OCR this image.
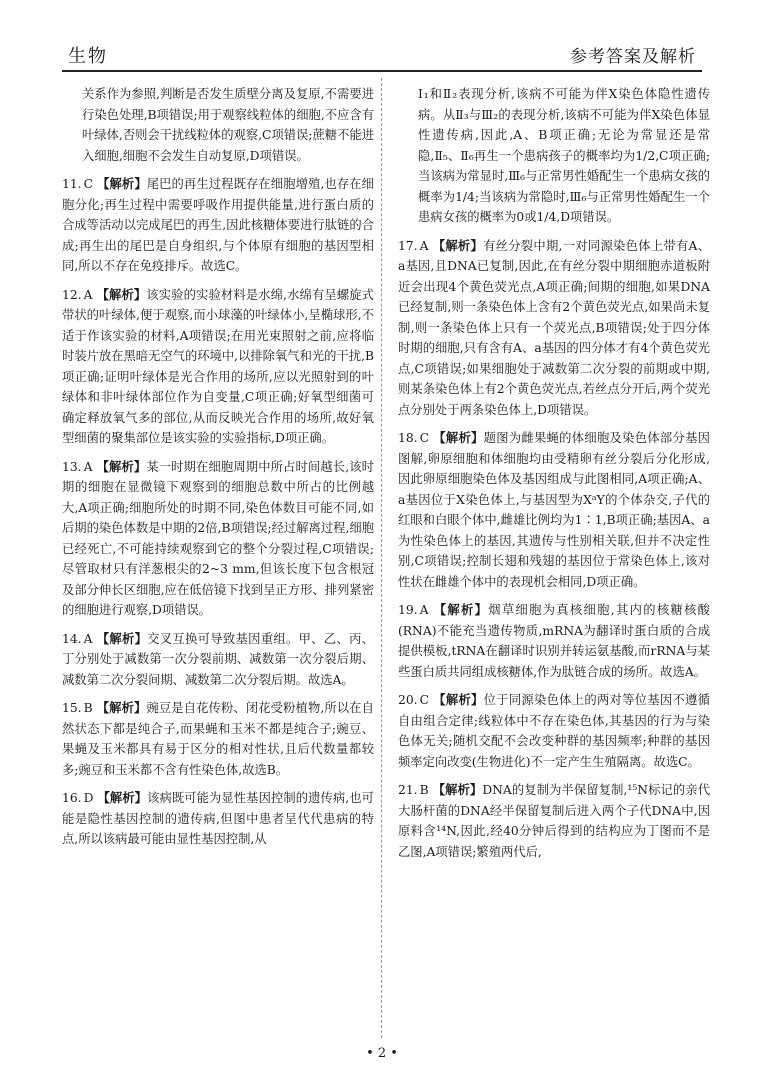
生物	参考答案及解析
关系作为参照,判断是否发生质壁分离及复原,不需要进行染色处理,B项错误;用于观察线粒体的细胞,不应含有叶绿体,否则会干扰线粒体的观察,C项错误;蔗糖不能进入细胞,细胞不会发生自动复原,D项错误。
11. C 【解析】尾巴的再生过程既存在细胞增殖,也存在细胞分化;再生过程中需要呼吸作用提供能量,进行蛋白质的合成等活动以完成尾巴的再生,因此核糖体要进行肽链的合成;再生出的尾巴是自身组织,与个体原有细胞的基因型相同,所以不存在免疫排斥。故选C。
12. A 【解析】该实验的实验材料是水绵,水绵有呈螺旋式带状的叶绿体,便于观察,而小球藻的叶绿体小,呈椭球形,不适于作该实验的材料,A项错误;在用光束照射之前,应将临时装片放在黑暗无空气的环境中,以排除氧气和光的干扰,B项正确;证明叶绿体是光合作用的场所,应以光照射到的叶绿体和非叶绿体部位作为自变量,C项正确;好氧型细菌可确定释放氧气多的部位,从而反映光合作用的场所,故好氧型细菌的聚集部位是该实验的实验指标,D项正确。
13. A 【解析】某一时期在细胞周期中所占时间越长,该时期的细胞在显微镜下观察到的细胞总数中所占的比例越大,A项正确;细胞所处的时期不同,染色体数目可能不同,如后期的染色体数是中期的2倍,B项错误;经过解离过程,细胞已经死亡,不可能持续观察到它的整个分裂过程,C项错误;尽管取材只有洋葱根尖的2~3 mm,但该长度下包含根冠及部分伸长区细胞,应在低倍镜下找到呈正方形、排列紧密的细胞进行观察,D项错误。
14. A 【解析】交叉互换可导致基因重组。甲、乙、丙、丁分别处于减数第一次分裂前期、减数第一次分裂后期、减数第二次分裂间期、减数第二次分裂后期。故选A。
15. B 【解析】豌豆是自花传粉、闭花受粉植物,所以在自然状态下都是纯合子,而果蝇和玉米不都是纯合子;豌豆、果蝇及玉米都具有易于区分的相对性状,且后代数量都较多;豌豆和玉米都不含有性染色体,故选B。
16. D 【解析】该病既可能为显性基因控制的遗传病,也可能是隐性基因控制的遗传病,但图中患者呈代代患病的特点,所以该病最可能由显性基因控制,从
Ⅰ₁和Ⅱ₂表现分析,该病不可能为伴X染色体隐性遗传病。从Ⅱ₃与Ⅲ₂的表现分析,该病不可能为伴X染色体显性遗传病,因此,A、B项正确;无论为常显还是常隐,Ⅱ₅、Ⅱ₆再生一个患病孩子的概率均为1/2,C项正确;当该病为常显时,Ⅲ₆与正常男性婚配生一个患病女孩的概率为1/4;当该病为常隐时,Ⅲ₆与正常男性婚配生一个患病女孩的概率为0或1/4,D项错误。
17. A 【解析】有丝分裂中期,一对同源染色体上带有A、a基因,且DNA已复制,因此,在有丝分裂中期细胞赤道板附近会出现4个黄色荧光点,A项正确;间期的细胞,如果DNA已经复制,则一条染色体上含有2个黄色荧光点,如果尚未复制,则一条染色体上只有一个荧光点,B项错误;处于四分体时期的细胞,只有含有A、a基因的四分体才有4个黄色荧光点,C项错误;如果细胞处于减数第二次分裂的前期或中期,则某条染色体上有2个黄色荧光点,若丝点分开后,两个荧光点分别处于两条染色体上,D项错误。
18. C 【解析】题图为雌果蝇的体细胞及染色体部分基因图解,卵原细胞和体细胞均由受精卵有丝分裂后分化形成,因此卵原细胞染色体及基因组成与此图相同,A项正确;A、a基因位于X染色体上,与基因型为XᵃY的个体杂交,子代的红眼和白眼个体中,雌雄比例均为1∶1,B项正确;基因A、a为性染色体上的基因,其遗传与性别相关联,但并不决定性别,C项错误;控制长翅和残翅的基因位于常染色体上,该对性状在雌雄个体中的表现机会相同,D项正确。
19. A 【解析】烟草细胞为真核细胞,其内的核糖核酸(RNA)不能充当遗传物质,mRNA为翻译时蛋白质的合成提供模板,tRNA在翻译时识别并转运氨基酸,而rRNA与某些蛋白质共同组成核糖体,作为肽链合成的场所。故选A。
20. C 【解析】位于同源染色体上的两对等位基因不遵循自由组合定律;线粒体中不存在染色体,其基因的行为与染色体无关;随机交配不会改变种群的基因频率;种群的基因频率定向改变(生物进化)不一定产生生殖隔离。故选C。
21. B 【解析】DNA的复制为半保留复制,¹⁵N标记的亲代大肠杆菌的DNA经半保留复制后进入两个子代DNA中,因原料含¹⁴N,因此,经40分钟后得到的结构应为丁图而不是乙图,A项错误;繁殖两代后,
• 2 •
